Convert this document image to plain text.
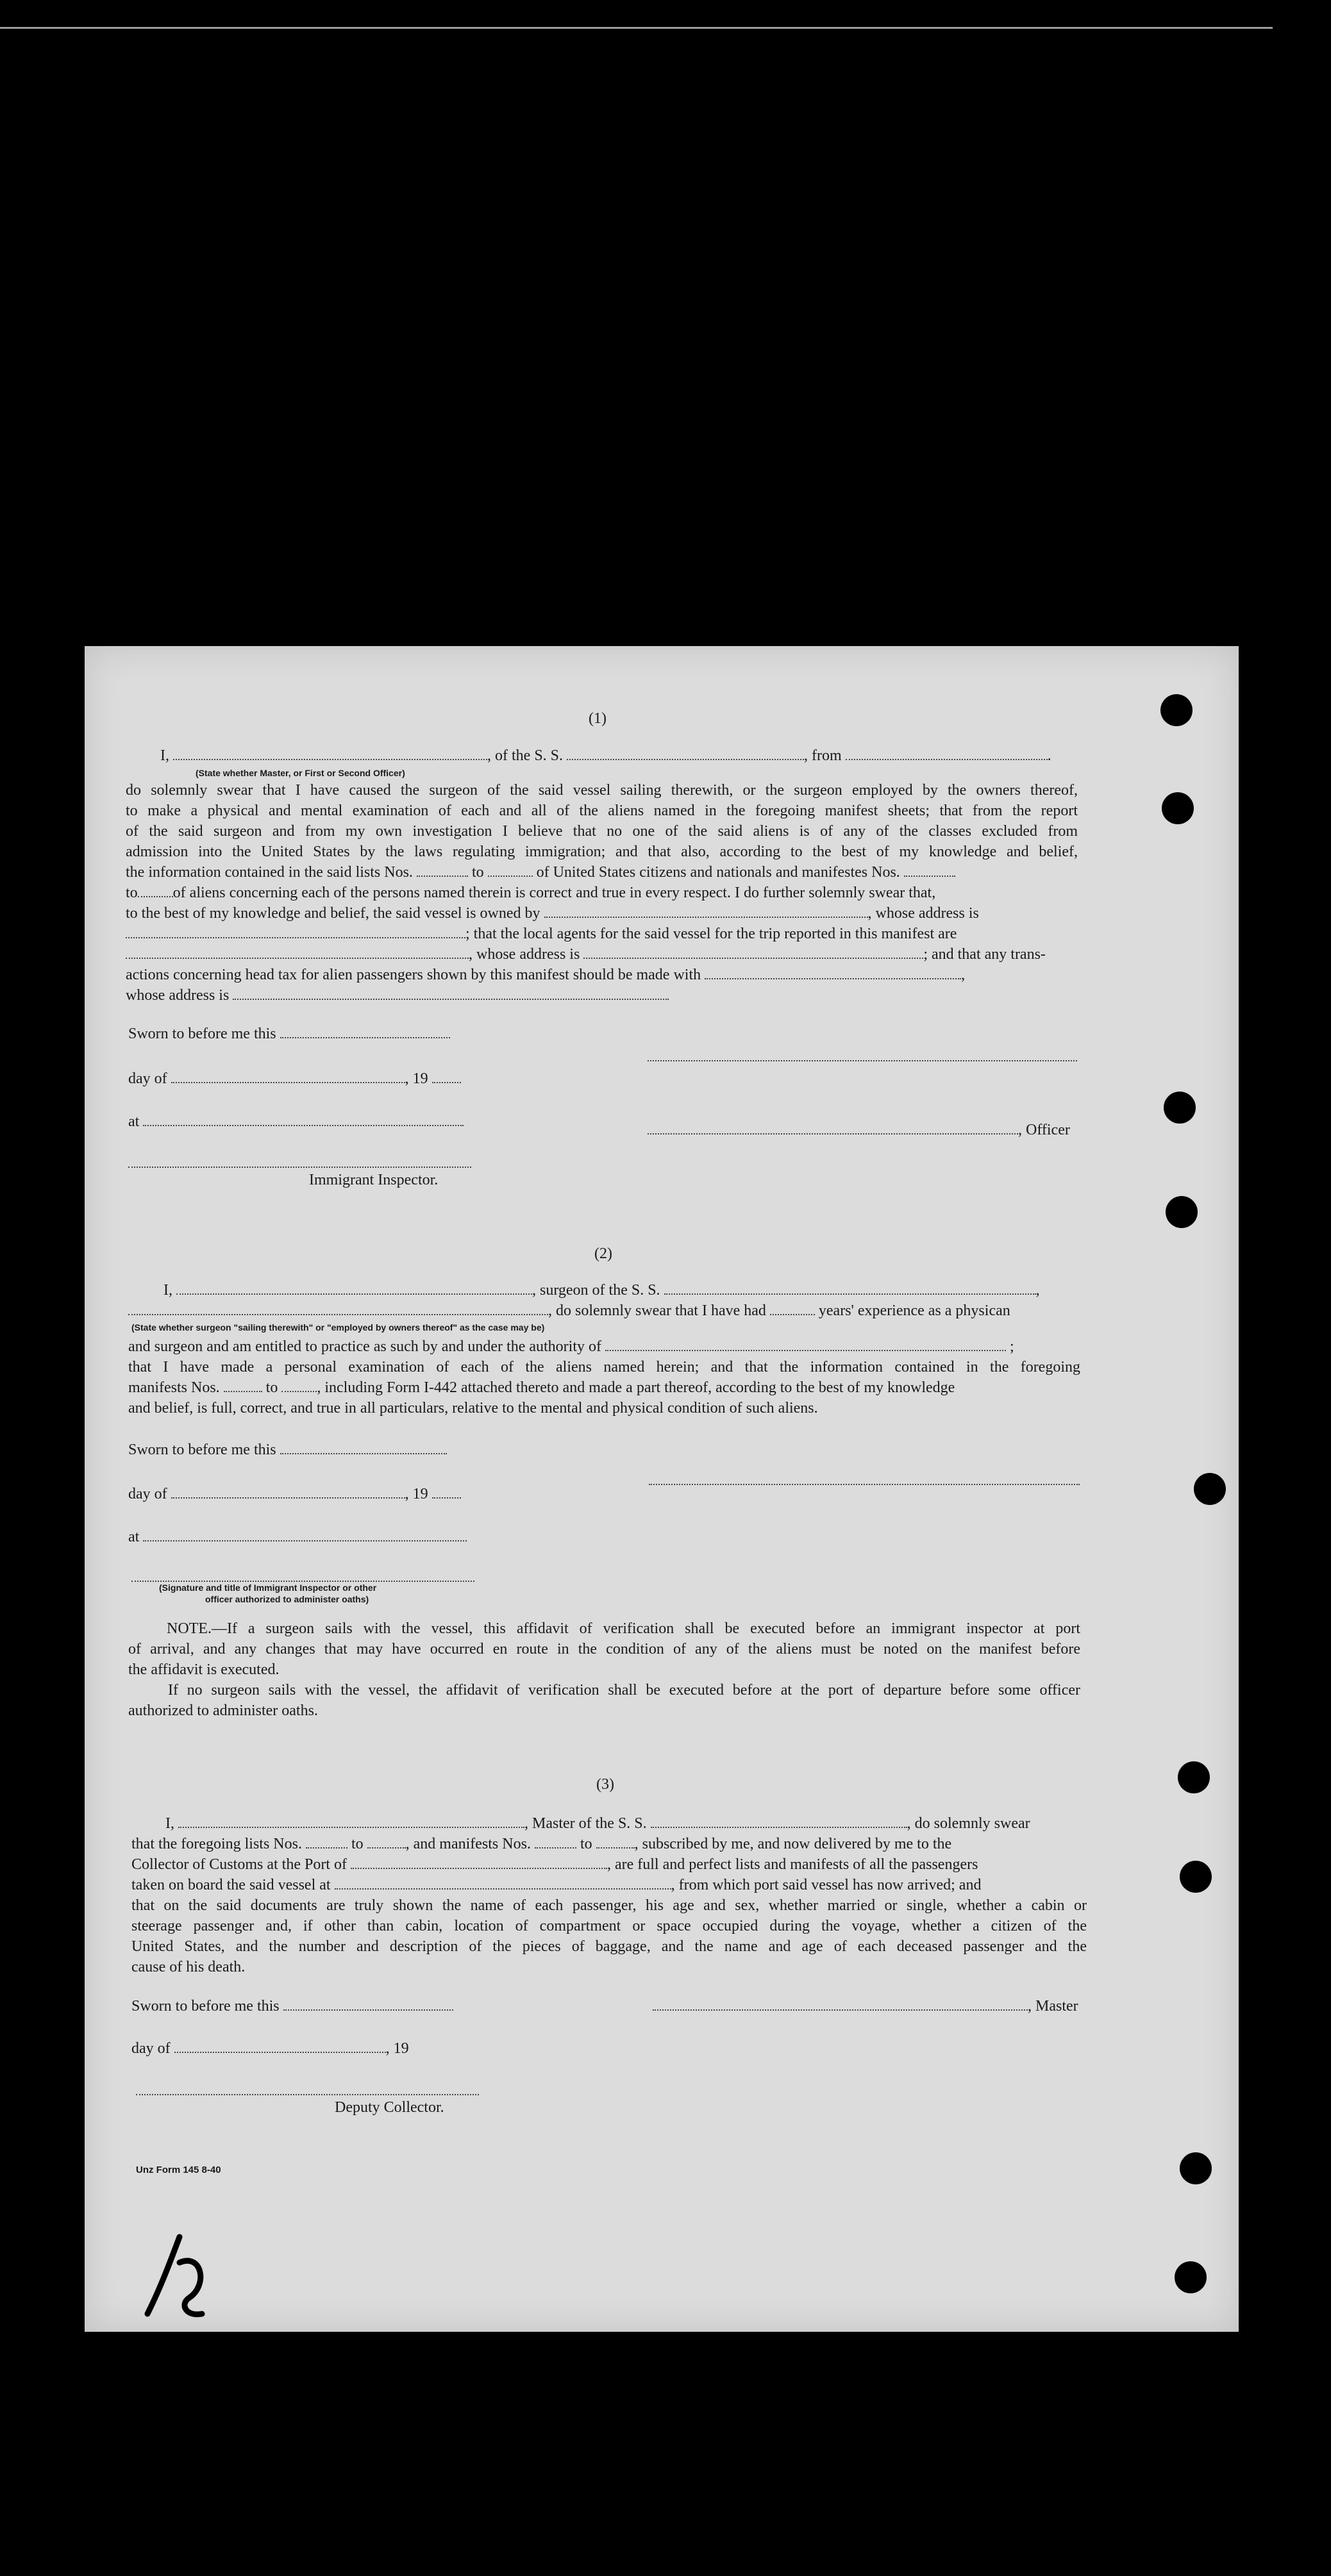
(1)
I,	, of the S. S.	, from	.
(State whether Master, or First or Second Officer)
do solemnly swear that I have caused the surgeon of the said vessel sailing therewith, or the surgeon employed by the owners thereof,
to make a physical and mental examination of each and all of the aliens named in the foregoing manifest sheets; that from the report
of the said surgeon and from my own investigation I believe that no one of the said aliens is of any of the classes excluded from
admission into the United States by the laws regulating immigration; and that also, according to the best of my knowledge and belief,
the information contained in the said lists Nos.	to	of United States citizens and nationals and manifestes Nos.
to of aliens concerning each of the persons named therein is correct and true in every respect. I do further solemnly swear that,
to the best of my knowledge and belief, the said vessel is owned by	, whose address is
; that the local agents for the said vessel for the trip reported in this manifest are
, whose address is	; and that any trans-
actions concerning head tax for alien passengers shown by this manifest should be made with	,
whose address is
Sworn to before me this
day of	, 19
at	, Officer
Immigrant Inspector.
(2)
I,	, surgeon of the S. S.	,
, do solemnly swear that I have had	years' experience as a physican
(State whether surgeon "sailing therewith" or "employed by owners thereof" as the case may be)
and surgeon and am entitled to practice as such by and under the authority of	;
that I have made a personal examination of each of the aliens named herein; and that the information contained in the foregoing
manifests Nos.	to	, including Form I-442 attached thereto and made a part thereof, according to the best of my knowledge
and belief, is full, correct, and true in all particulars, relative to the mental and physical condition of such aliens.
Sworn to before me this
day of	, 19
at
(Signature and title of Immigrant Inspector or other
officer authorized to administer oaths)
NOTE.—If a surgeon sails with the vessel, this affidavit of verification shall be executed before an immigrant inspector at port
of arrival, and any changes that may have occurred en route in the condition of any of the aliens must be noted on the manifest before
the affidavit is executed.
If no surgeon sails with the vessel, the affidavit of verification shall be executed before at the port of departure before some officer
authorized to administer oaths.
(3)
I,	, Master of the S. S.	, do solemnly swear
that the foregoing lists Nos.	to	, and manifests Nos.	to	, subscribed by me, and now delivered by me to the
Collector of Customs at the Port of	, are full and perfect lists and manifests of all the passengers
taken on board the said vessel at	, from which port said vessel has now arrived; and
that on the said documents are truly shown the name of each passenger, his age and sex, whether married or single, whether a cabin or
steerage passenger and, if other than cabin, location of compartment or space occupied during the voyage, whether a citizen of the
United States, and the number and description of the pieces of baggage, and the name and age of each deceased passenger and the
cause of his death.
Sworn to before me this	, Master
day of	, 19
Deputy Collector.
Unz Form 145 8-40
